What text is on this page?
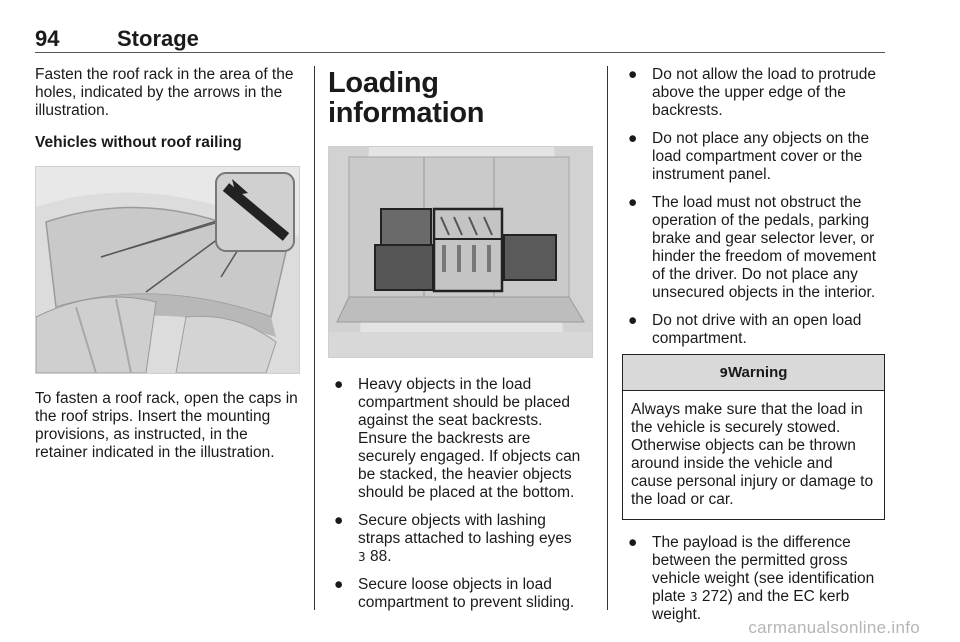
94	Storage

Fasten the roof rack in the area of the holes, indicated by the arrows in the illustration.

Vehicles without roof railing

To fasten a roof rack, open the caps in the roof strips. Insert the mounting provisions, as instructed, in the retainer indicated in the illustration.

Loading information
● Heavy objects in the load compartment should be placed against the seat backrests. Ensure the backrests are securely engaged. If objects can be stacked, the heavier objects should be placed at the bottom.
● Secure objects with lashing straps attached to lashing eyes
3 88.
● Secure loose objects in load compartment to prevent sliding.
● Do not allow the load to protrude above the upper edge of the backrests.
● Do not place any objects on the load compartment cover or the instrument panel.
● The load must not obstruct the operation of the pedals, parking brake and gear selector lever, or hinder the freedom of movement of the driver. Do not place any unsecured objects in the interior.
● Do not drive with an open load compartment.
9Warning
Always make sure that the load in the vehicle is securely stowed. Otherwise objects can be thrown around inside the vehicle and cause personal injury or damage to the load or car.
● The payload is the difference between the permitted gross vehicle weight (see identification plate 3 272) and the EC kerb weight.
carmanualsonline.info
